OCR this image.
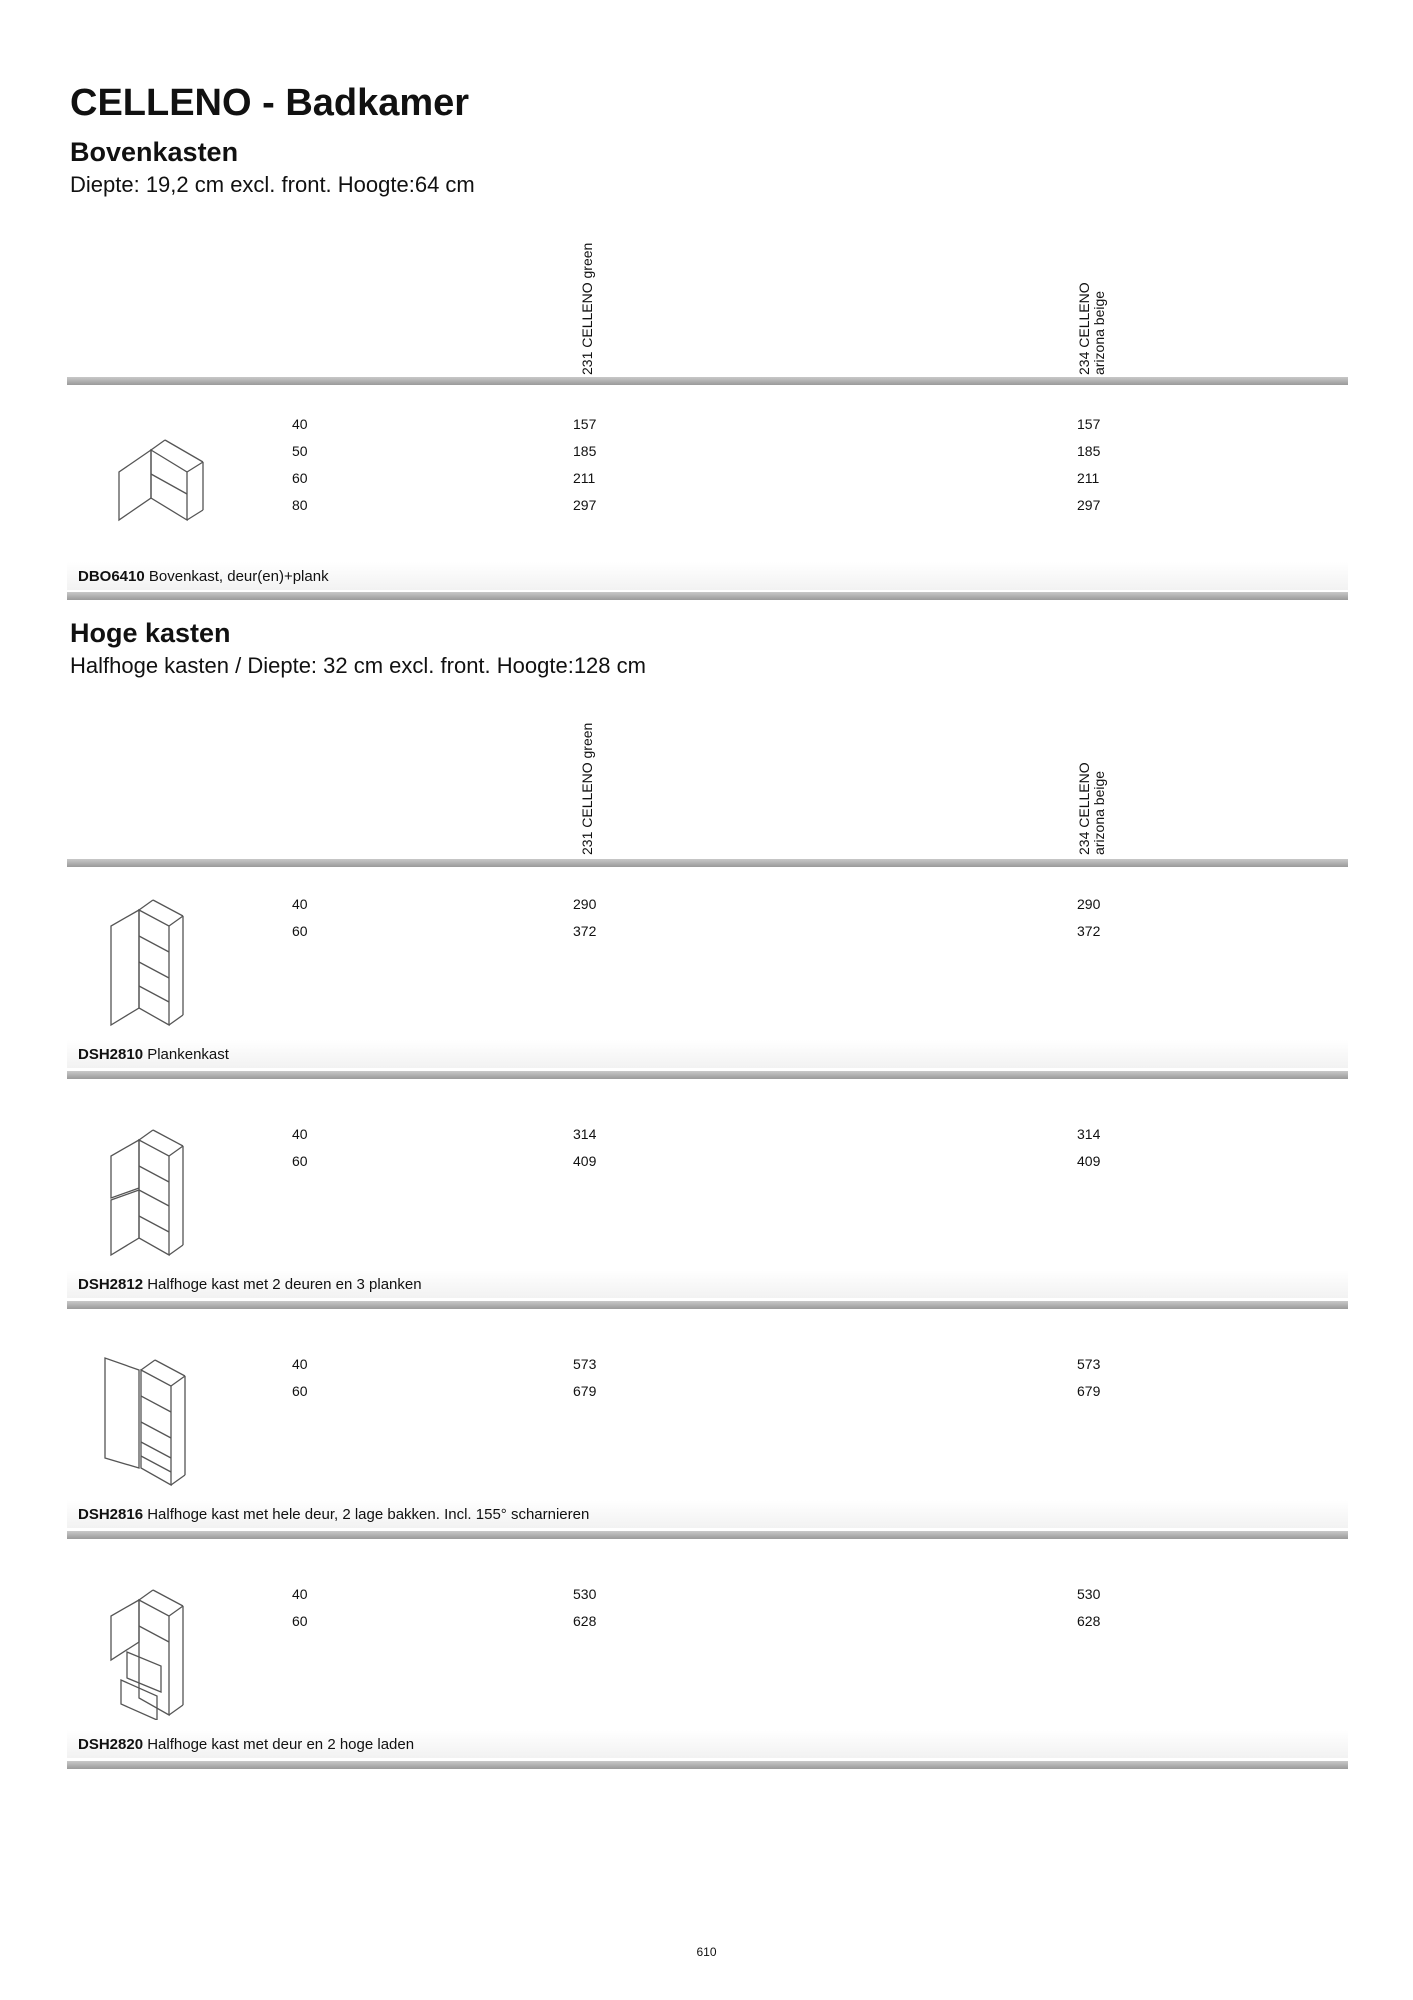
CELLENO - Badkamer
Bovenkasten
Diepte: 19,2 cm excl. front. Hoogte:64 cm
231 CELLENO green	234 CELLENO arizona beige
40
50
60
80
157
185
211
297
157
185
211
297
DBO6410 Bovenkast, deur(en)+plank
Hoge kasten
Halfhoge kasten / Diepte: 32 cm excl. front. Hoogte:128 cm
231 CELLENO green	234 CELLENO arizona beige
40
60
290
372
290
372
DSH2810 Plankenkast
40
60
314
409
314
409
DSH2812 Halfhoge kast met 2 deuren en 3 planken
40
60
573
679
573
679
DSH2816 Halfhoge kast met hele deur, 2 lage bakken. Incl. 155° scharnieren
40
60
530
628
530
628
DSH2820 Halfhoge kast met deur en 2 hoge laden
610
